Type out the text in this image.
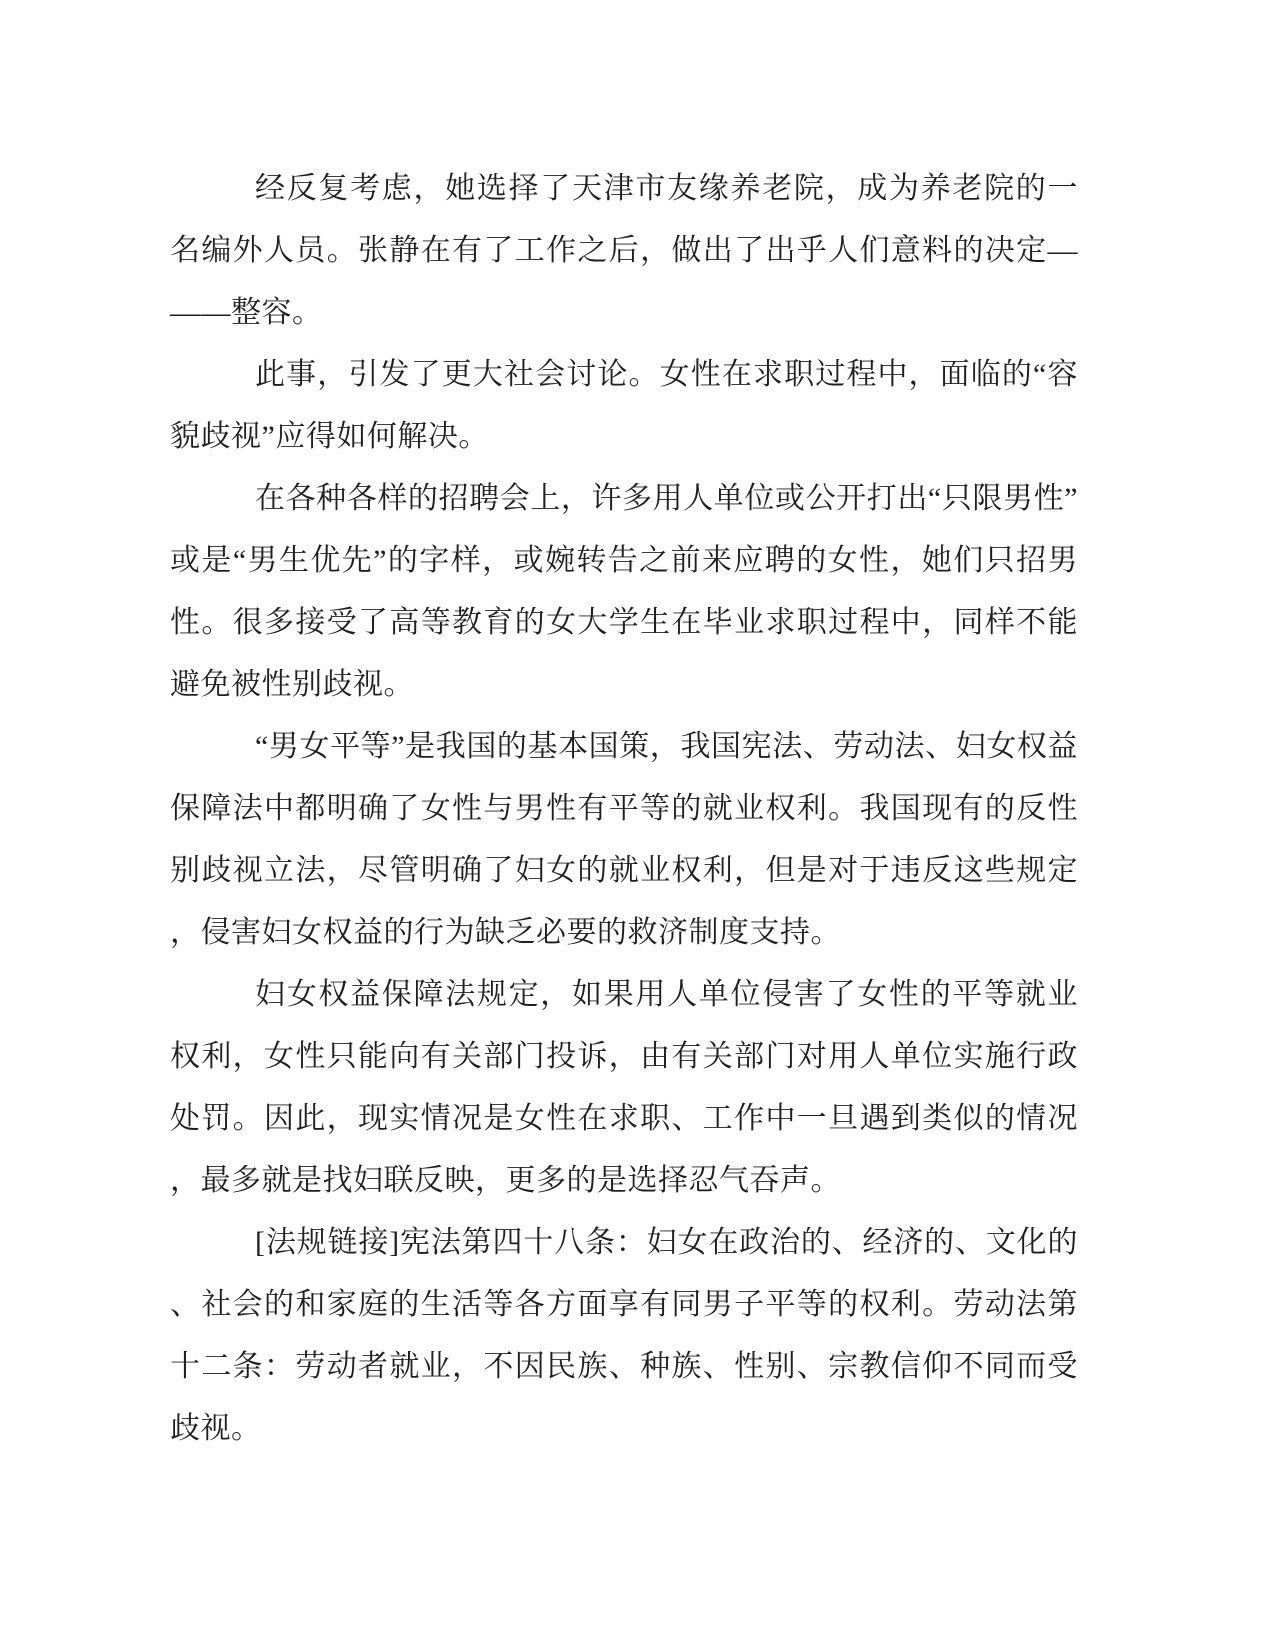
经反复考虑，她选择了天津市友缘养老院，成为养老院的一名编外人员。张静在有了工作之后，做出了出乎人们意料的决定———整容。

此事，引发了更大社会讨论。女性在求职过程中，面临的“容貌歧视”应得如何解决。

在各种各样的招聘会上，许多用人单位或公开打出“只限男性”或是“男生优先”的字样，或婉转告之前来应聘的女性，她们只招男性。很多接受了高等教育的女大学生在毕业求职过程中，同样不能避免被性别歧视。

“男女平等”是我国的基本国策，我国宪法、劳动法、妇女权益保障法中都明确了女性与男性有平等的就业权利。我国现有的反性别歧视立法，尽管明确了妇女的就业权利，但是对于违反这些规定，侵害妇女权益的行为缺乏必要的救济制度支持。

妇女权益保障法规定，如果用人单位侵害了女性的平等就业权利，女性只能向有关部门投诉，由有关部门对用人单位实施行政处罚。因此，现实情况是女性在求职、工作中一旦遇到类似的情况，最多就是找妇联反映，更多的是选择忍气吞声。

[法规链接]宪法第四十八条：妇女在政治的、经济的、文化的、社会的和家庭的生活等各方面享有同男子平等的权利。劳动法第十二条：劳动者就业，不因民族、种族、性别、宗教信仰不同而受歧视。
